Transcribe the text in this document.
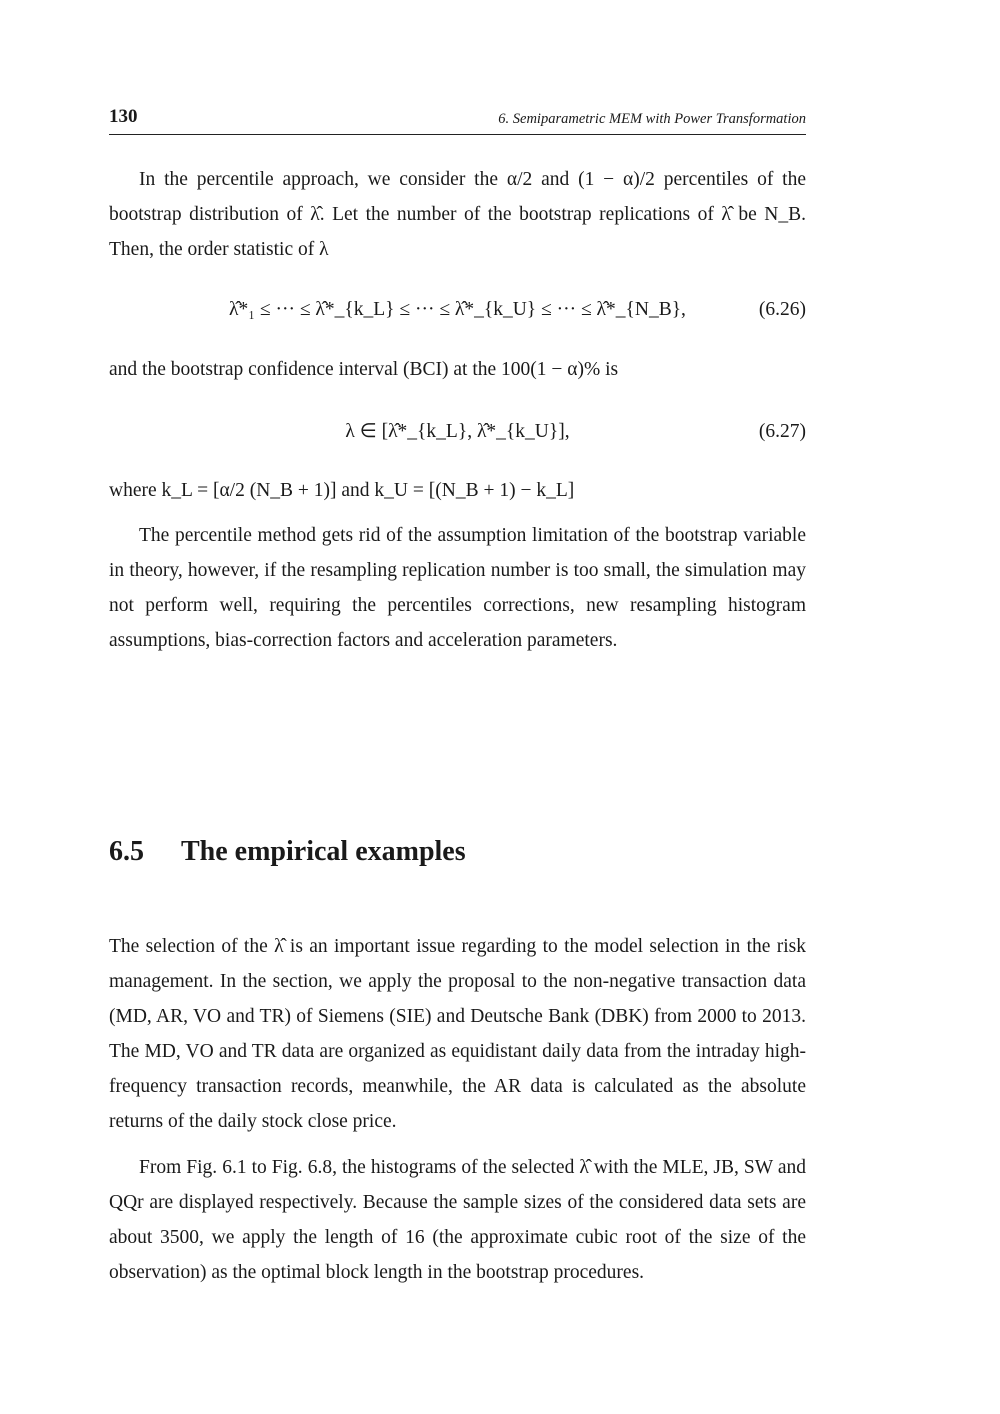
130	6. Semiparametric MEM with Power Transformation
In the percentile approach, we consider the α/2 and (1 − α)/2 percentiles of the bootstrap distribution of λ̂. Let the number of the bootstrap replications of λ̂ be N_B. Then, the order statistic of λ
λ̂*₁ ≤ ··· ≤ λ̂*_{k_L} ≤ ··· ≤ λ̂*_{k_U} ≤ ··· ≤ λ̂*_{N_B},	(6.26)
and the bootstrap confidence interval (BCI) at the 100(1 − α)% is
λ ∈ [λ̂*_{k_L}, λ̂*_{k_U}],	(6.27)
where k_L = [α/2 (N_B + 1)] and k_U = [(N_B + 1) − k_L]
The percentile method gets rid of the assumption limitation of the bootstrap variable in theory, however, if the resampling replication number is too small, the simulation may not perform well, requiring the percentiles corrections, new resampling histogram assumptions, bias-correction factors and acceleration parameters.
6.5 The empirical examples
The selection of the λ̂ is an important issue regarding to the model selection in the risk management. In the section, we apply the proposal to the non-negative transaction data (MD, AR, VO and TR) of Siemens (SIE) and Deutsche Bank (DBK) from 2000 to 2013. The MD, VO and TR data are organized as equidistant daily data from the intraday high-frequency transaction records, meanwhile, the AR data is calculated as the absolute returns of the daily stock close price.
From Fig. 6.1 to Fig. 6.8, the histograms of the selected λ̂ with the MLE, JB, SW and QQr are displayed respectively. Because the sample sizes of the considered data sets are about 3500, we apply the length of 16 (the approximate cubic root of the size of the observation) as the optimal block length in the bootstrap procedures.
